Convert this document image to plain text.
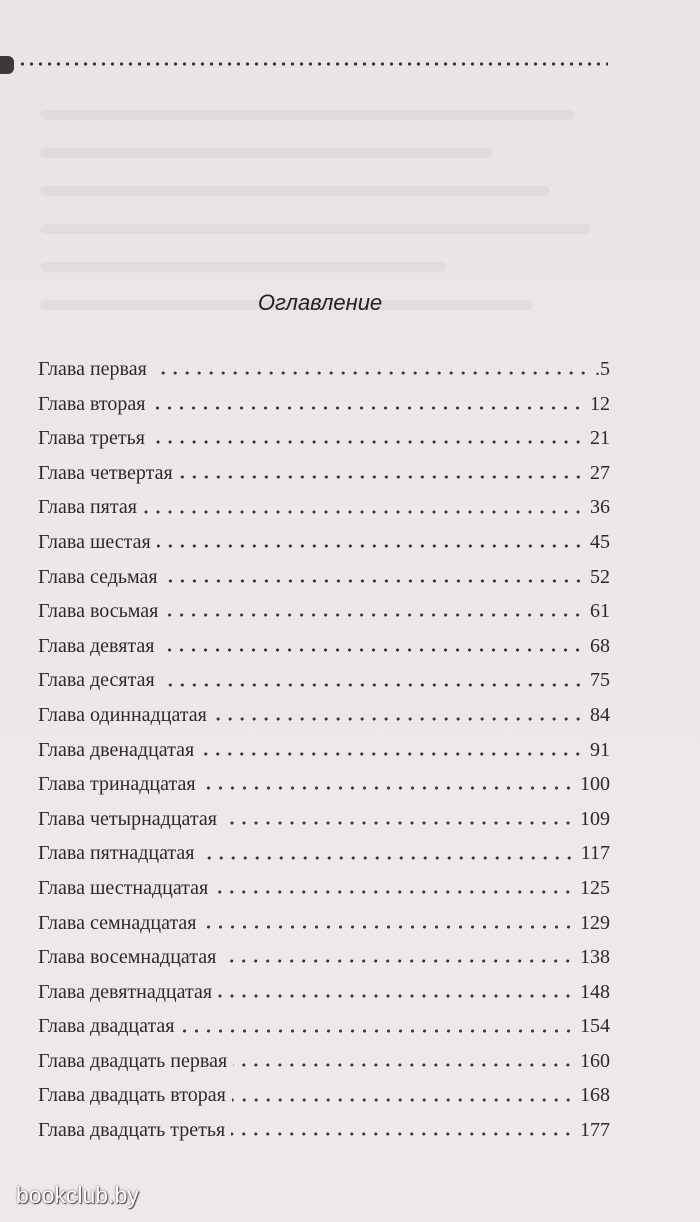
Оглавление
Глава первая	.5
Глава вторая	12
Глава третья	21
Глава четвертая	27
Глава пятая	36
Глава шестая	45
Глава седьмая	52
Глава восьмая	61
Глава девятая	68
Глава десятая	75
Глава одиннадцатая	84
Глава двенадцатая	91
Глава тринадцатая	100
Глава четырнадцатая	109
Глава пятнадцатая	117
Глава шестнадцатая	125
Глава семнадцатая	129
Глава восемнадцатая	138
Глава девятнадцатая	148
Глава двадцатая	154
Глава двадцать первая	160
Глава двадцать вторая	168
Глава двадцать третья	177
bookclub.by
